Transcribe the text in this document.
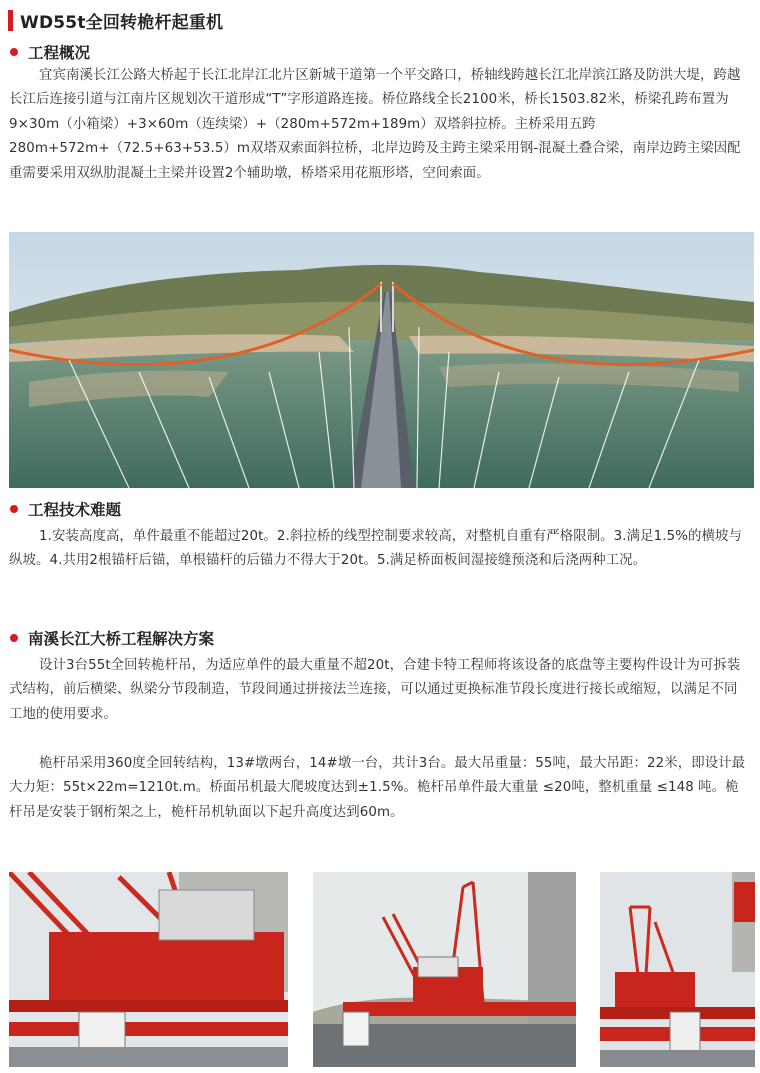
WD55t全回转桅杆起重机
工程概况

宜宾南溪长江公路大桥起于长江北岸江北片区新城干道第一个平交路口，桥轴线跨越长江北岸滨江路及防洪大堤，跨越长江后连接引道与江南片区规划次干道形成“T”字形道路连接。桥位路线全长2100米，桥长1503.82米，桥梁孔跨布置为9×30m（小箱梁）+3×60m（连续梁）+（280m+572m+189m）双塔斜拉桥。主桥采用五跨280m+572m+（72.5+63+53.5）m双塔双索面斜拉桥，北岸边跨及主跨主梁采用钢-混凝土叠合梁，南岸边跨主梁因配重需要采用双纵肋混凝土主梁并设置2个辅助墩，桥塔采用花瓶形塔，空间索面。

工程技术难题

1.安装高度高，单件最重不能超过20t。2.斜拉桥的线型控制要求较高，对整机自重有严格限制。3.满足1.5%的横坡与纵坡。4.共用2根锚杆后锚，单根锚杆的后锚力不得大于20t。5.满足桥面板间湿接缝预浇和后浇两种工况。

南溪长江大桥工程解决方案

设计3台55t全回转桅杆吊，为适应单件的最大重量不超20t，合建卡特工程师将该设备的底盘等主要构件设计为可拆装式结构，前后横梁、纵梁分节段制造，节段间通过拼接法兰连接，可以通过更换标准节段长度进行接长或缩短，以满足不同工地的使用要求。

桅杆吊采用360度全回转结构，13#墩两台，14#墩一台，共计3台。最大吊重量：55吨，最大吊距：22米，即设计最大力矩：55t×22m=1210t.m。桥面吊机最大爬坡度达到±1.5%。桅杆吊单件最大重量 ≤20吨，整机重量 ≤148 吨。桅杆吊是安装于钢桁架之上，桅杆吊机轨面以下起升高度达到60m。
